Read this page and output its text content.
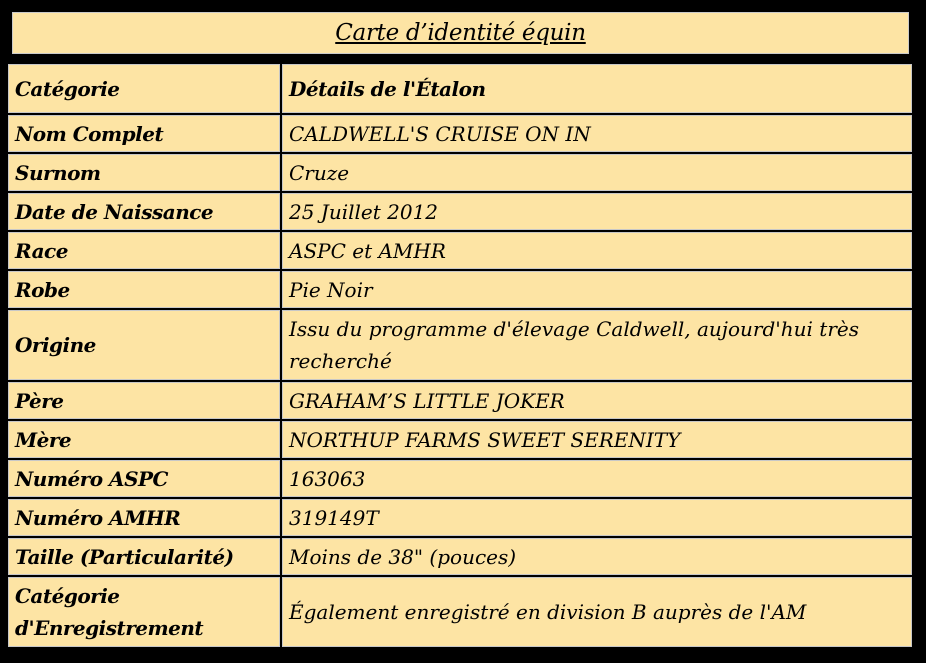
Carte d’identité équin
Catégorie	Détails de l'Étalon
Nom Complet	CALDWELL'S CRUISE ON IN
Surnom	Cruze
Date de Naissance	25 Juillet 2012
Race	ASPC et AMHR
Robe	Pie Noir
Origine	Issu du programme d'élevage Caldwell, aujourd'hui très recherché
Père	GRAHAM’S LITTLE JOKER
Mère	NORTHUP FARMS SWEET SERENITY
Numéro ASPC	163063
Numéro AMHR	319149T
Taille (Particularité)	Moins de 38" (pouces)
Catégorie d'Enregistrement	Également enregistré en division B auprès de l'AM
